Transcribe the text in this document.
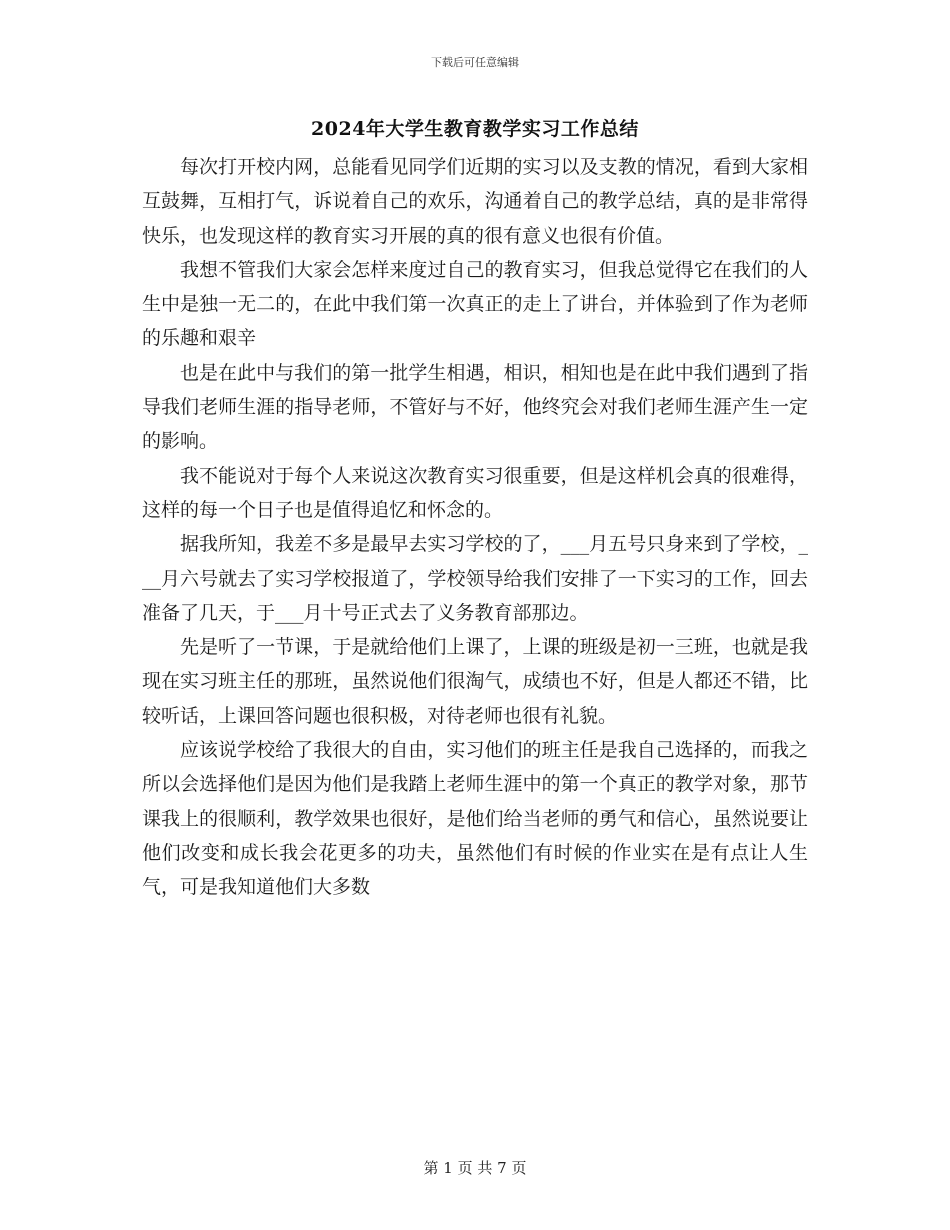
下载后可任意编辑
2024年大学生教育教学实习工作总结

每次打开校内网，总能看见同学们近期的实习以及支教的情况，看到大家相互鼓舞，互相打气，诉说着自己的欢乐，沟通着自己的教学总结，真的是非常得快乐，也发现这样的教育实习开展的真的很有意义也很有价值。

我想不管我们大家会怎样来度过自己的教育实习，但我总觉得它在我们的人生中是独一无二的，在此中我们第一次真正的走上了讲台，并体验到了作为老师的乐趣和艰辛

也是在此中与我们的第一批学生相遇，相识，相知也是在此中我们遇到了指导我们老师生涯的指导老师，不管好与不好，他终究会对我们老师生涯产生一定的影响。

我不能说对于每个人来说这次教育实习很重要，但是这样机会真的很难得，这样的每一个日子也是值得追忆和怀念的。

据我所知，我差不多是最早去实习学校的了，___月五号只身来到了学校，___月六号就去了实习学校报道了，学校领导给我们安排了一下实习的工作，回去准备了几天，于___月十号正式去了义务教育部那边。

先是听了一节课，于是就给他们上课了，上课的班级是初一三班，也就是我现在实习班主任的那班，虽然说他们很淘气，成绩也不好，但是人都还不错，比较听话，上课回答问题也很积极，对待老师也很有礼貌。

应该说学校给了我很大的自由，实习他们的班主任是我自己选择的，而我之所以会选择他们是因为他们是我踏上老师生涯中的第一个真正的教学对象，那节课我上的很顺利，教学效果也很好，是他们给当老师的勇气和信心，虽然说要让他们改变和成长我会花更多的功夫，虽然他们有时候的作业实在是有点让人生气，可是我知道他们大多数

第 1 页 共 7 页
